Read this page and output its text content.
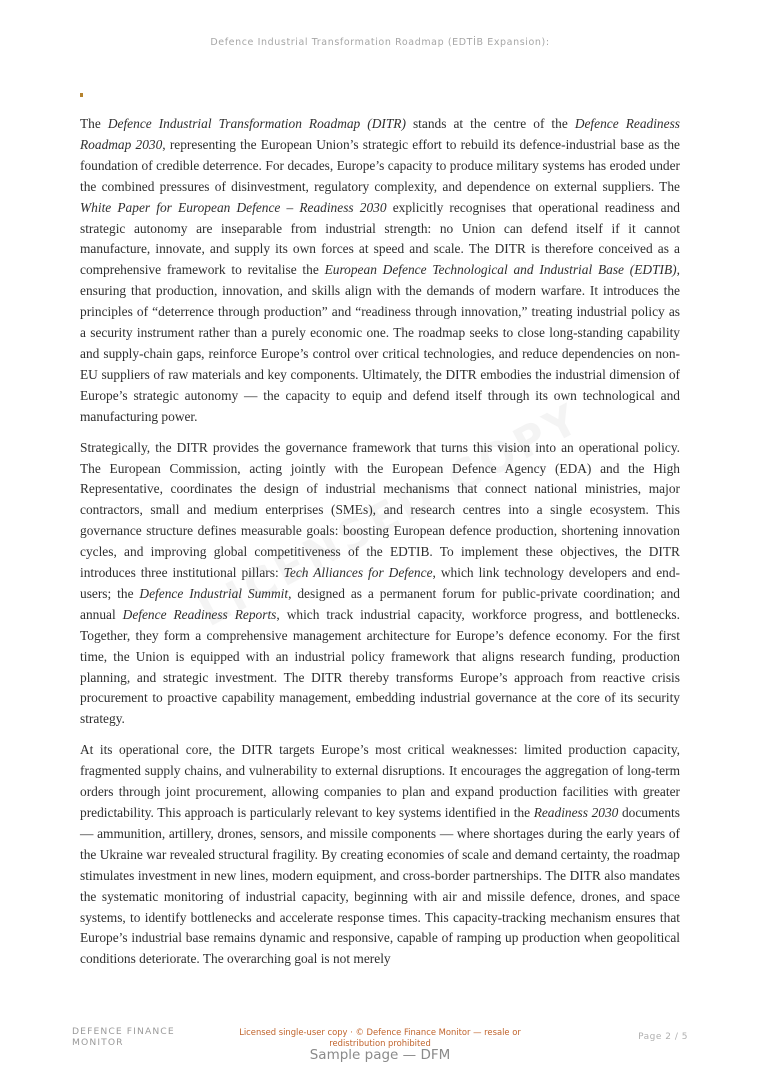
Defence Industrial Transformation Roadmap (EDTİB Expansion):

The Defence Industrial Transformation Roadmap (DITR) stands at the centre of the Defence Readiness Roadmap 2030, representing the European Union’s strategic effort to rebuild its defence-industrial base as the foundation of credible deterrence. For decades, Europe’s capacity to produce military systems has eroded under the combined pressures of disinvestment, regulatory complexity, and dependence on external suppliers. The White Paper for European Defence – Readiness 2030 explicitly recognises that operational readiness and strategic autonomy are inseparable from industrial strength: no Union can defend itself if it cannot manufacture, innovate, and supply its own forces at speed and scale. The DITR is therefore conceived as a comprehensive framework to revitalise the European Defence Technological and Industrial Base (EDTIB), ensuring that production, innovation, and skills align with the demands of modern warfare. It introduces the principles of “deterrence through production” and “readiness through innovation,” treating industrial policy as a security instrument rather than a purely economic one. The roadmap seeks to close long-standing capability and supply-chain gaps, reinforce Europe’s control over critical technologies, and reduce dependencies on non-EU suppliers of raw materials and key components. Ultimately, the DITR embodies the industrial dimension of Europe’s strategic autonomy — the capacity to equip and defend itself through its own technological and manufacturing power.

Strategically, the DITR provides the governance framework that turns this vision into an operational policy. The European Commission, acting jointly with the European Defence Agency (EDA) and the High Representative, coordinates the design of industrial mechanisms that connect national ministries, major contractors, small and medium enterprises (SMEs), and research centres into a single ecosystem. This governance structure defines measurable goals: boosting European defence production, shortening innovation cycles, and improving global competitiveness of the EDTIB. To implement these objectives, the DITR introduces three institutional pillars: Tech Alliances for Defence, which link technology developers and end-users; the Defence Industrial Summit, designed as a permanent forum for public-private coordination; and annual Defence Readiness Reports, which track industrial capacity, workforce progress, and bottlenecks. Together, they form a comprehensive management architecture for Europe’s defence economy. For the first time, the Union is equipped with an industrial policy framework that aligns research funding, production planning, and strategic investment. The DITR thereby transforms Europe’s approach from reactive crisis procurement to proactive capability management, embedding industrial governance at the core of its security strategy.

At its operational core, the DITR targets Europe’s most critical weaknesses: limited production capacity, fragmented supply chains, and vulnerability to external disruptions. It encourages the aggregation of long-term orders through joint procurement, allowing companies to plan and expand production facilities with greater predictability. This approach is particularly relevant to key systems identified in the Readiness 2030 documents — ammunition, artillery, drones, sensors, and missile components — where shortages during the early years of the Ukraine war revealed structural fragility. By creating economies of scale and demand certainty, the roadmap stimulates investment in new lines, modern equipment, and cross-border partnerships. The DITR also mandates the systematic monitoring of industrial capacity, beginning with air and missile defence, drones, and space systems, to identify bottlenecks and accelerate response times. This capacity-tracking mechanism ensures that Europe’s industrial base remains dynamic and responsive, capable of ramping up production when geopolitical conditions deteriorate. The overarching goal is not merely

DEFENCE FINANCE
MONITOR
Licensed single-user copy · © Defence Finance Monitor — resale or redistribution prohibited
Page 2 / 5
Sample page — DFM
